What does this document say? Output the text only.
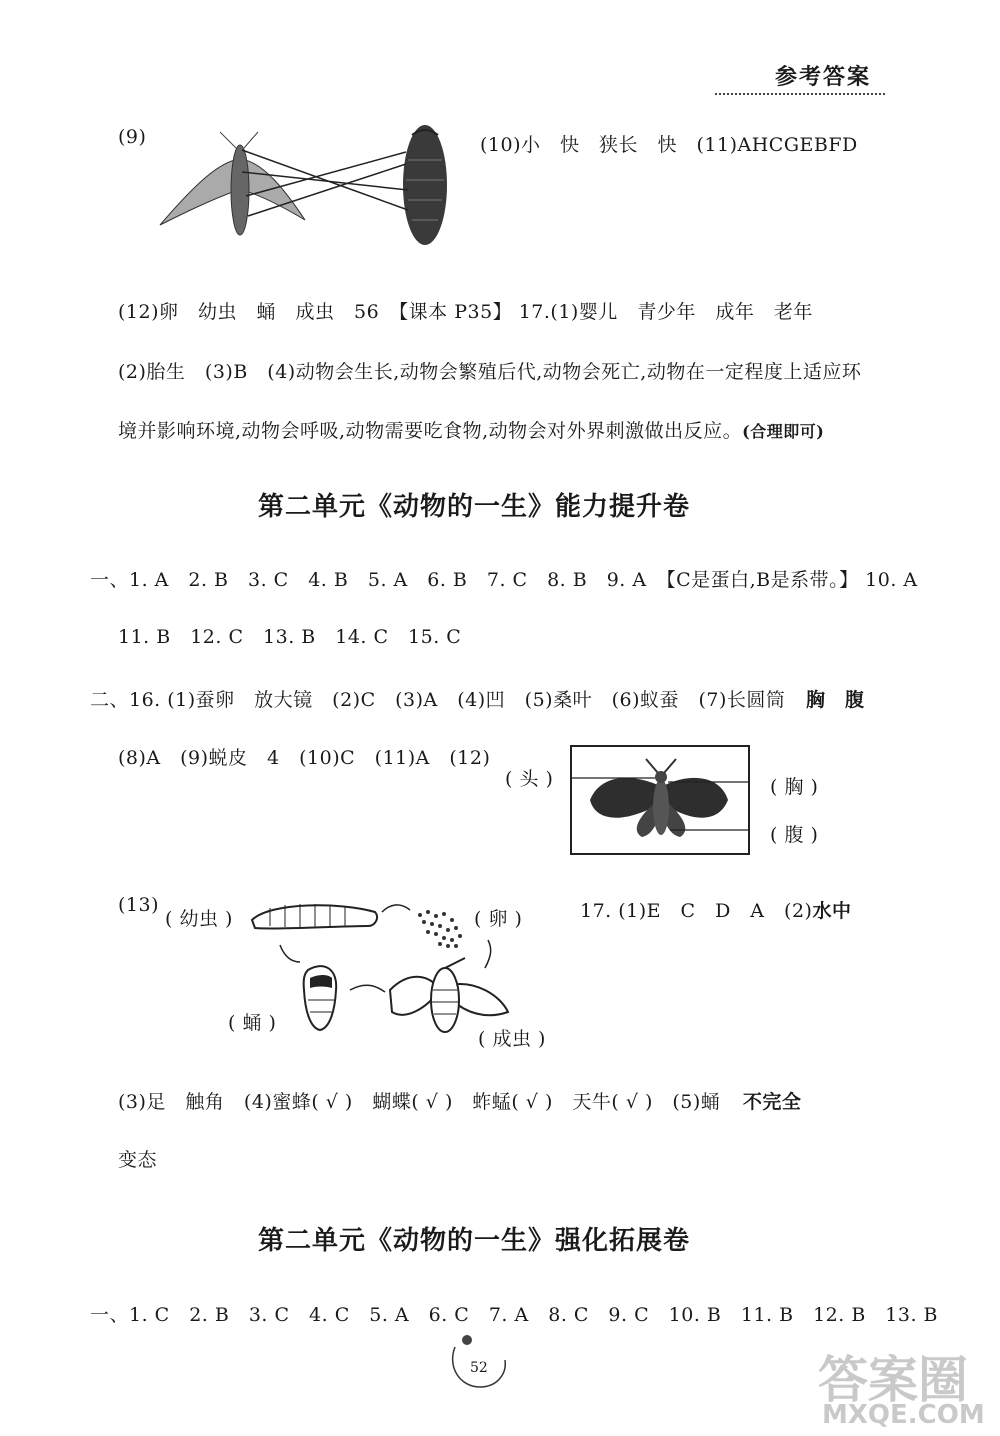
参考答案
(9)	(10)小　快　狭长　快　(11)AHCGEBFD
(12)卵　幼虫　蛹　成虫　56　【课本 P35】 17.(1)婴儿　青少年　成年　老年
(2)胎生　(3)B　(4)动物会生长,动物会繁殖后代,动物会死亡,动物在一定程度上适应环
境并影响环境,动物会呼吸,动物需要吃食物,动物会对外界刺激做出反应。(合理即可)
第二单元《动物的一生》能力提升卷
一、1. A　2. B　3. C　4. B　5. A　6. B　7. C　8. B　9. A　【C是蛋白,B是系带。】 10. A
11. B　12. C　13. B　14. C　15. C
二、16. (1)蚕卵　放大镜　(2)C　(3)A　(4)凹　(5)桑叶　(6)蚁蚕　(7)长圆筒 胸　腹
(8)A　(9)蜕皮　4　(10)C　(11)A　(12)
( 头 )	( 胸 )
( 腹 )
(13)
( 幼虫 )	( 卵 )
( 蛹 )
( 成虫 )
17. (1)E　C　D　A　(2)水中
(3)足　触角　(4)蜜蜂( √ )　蝴蝶( √ )　蚱蜢( √ )　天牛( √ )　(5)蛹 不完全
变态
第二单元《动物的一生》强化拓展卷
一、1. C　2. B　3. C　4. C　5. A　6. C　7. A　8. C　9. C　10. B　11. B　12. B　13. B
52	答案圈
MXQE.COM
